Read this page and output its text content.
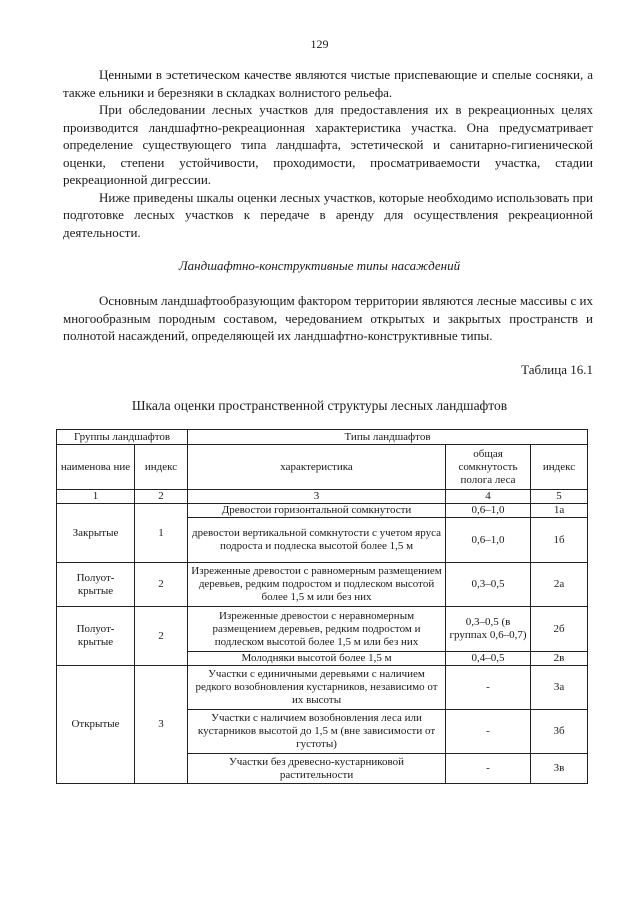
129

Ценными в эстетическом качестве являются чистые приспевающие и спелые сосняки, а также ельники и березняки в складках волнистого рельефа.

При обследовании лесных участков для предоставления их в рекреационных целях производится ландшафтно-рекреационная характеристика участка. Она предусматривает определение существующего типа ландшафта, эстетической и санитарно-гигиенической оценки, степени устойчивости, проходимости, просматриваемости участка, стадии рекреационной дигрессии.

Ниже приведены шкалы оценки лесных участков, которые необходимо использовать при подготовке лесных участков к передаче в аренду для осуществления рекреационной деятельности.

Ландшафтно-конструктивные типы насаждений

Основным ландшафтообразующим фактором территории являются лесные массивы с их многообразным породным составом, чередованием открытых и закрытых пространств и полнотой насаждений, определяющей их ландшафтно-конструктивные типы.

Таблица 16.1
Шкала оценки пространственной структуры лесных ландшафтов
Группы ландшафтов		Типы ландшафтов		
наименова ние	индекс	характеристика	общая сомкнутость полога леса	индекс
1	2	3	4	5
Закрытые	1	Древостои горизонтальной сомкнутости	0,6–1,0	1а
		древостои вертикальной сомкнутости с учетом яруса подроста и подлеска высотой более 1,5 м	0,6–1,0	1б
Полуот-крытые	2	Изреженные древостои с равномерным размещением деревьев, редким подростом и подлеском высотой более 1,5 м или без них	0,3–0,5	2а
Полуот-крытые	2	Изреженные древостои с неравномерным размещением деревьев, редким подростом и подлеском высотой более 1,5 м или без них	0,3–0,5 (в группах 0,6–0,7)	2б
		Молодняки высотой более 1,5 м	0,4–0,5	2в
Открытые	3	Участки с единичными деревьями с наличием редкого возобновления кустарников, независимо от их высоты	-	3а
		Участки с наличием возобновления леса или кустарников высотой до 1,5 м (вне зависимости от густоты)	-	3б
		Участки без древесно-кустарниковой растительности	-	3в
